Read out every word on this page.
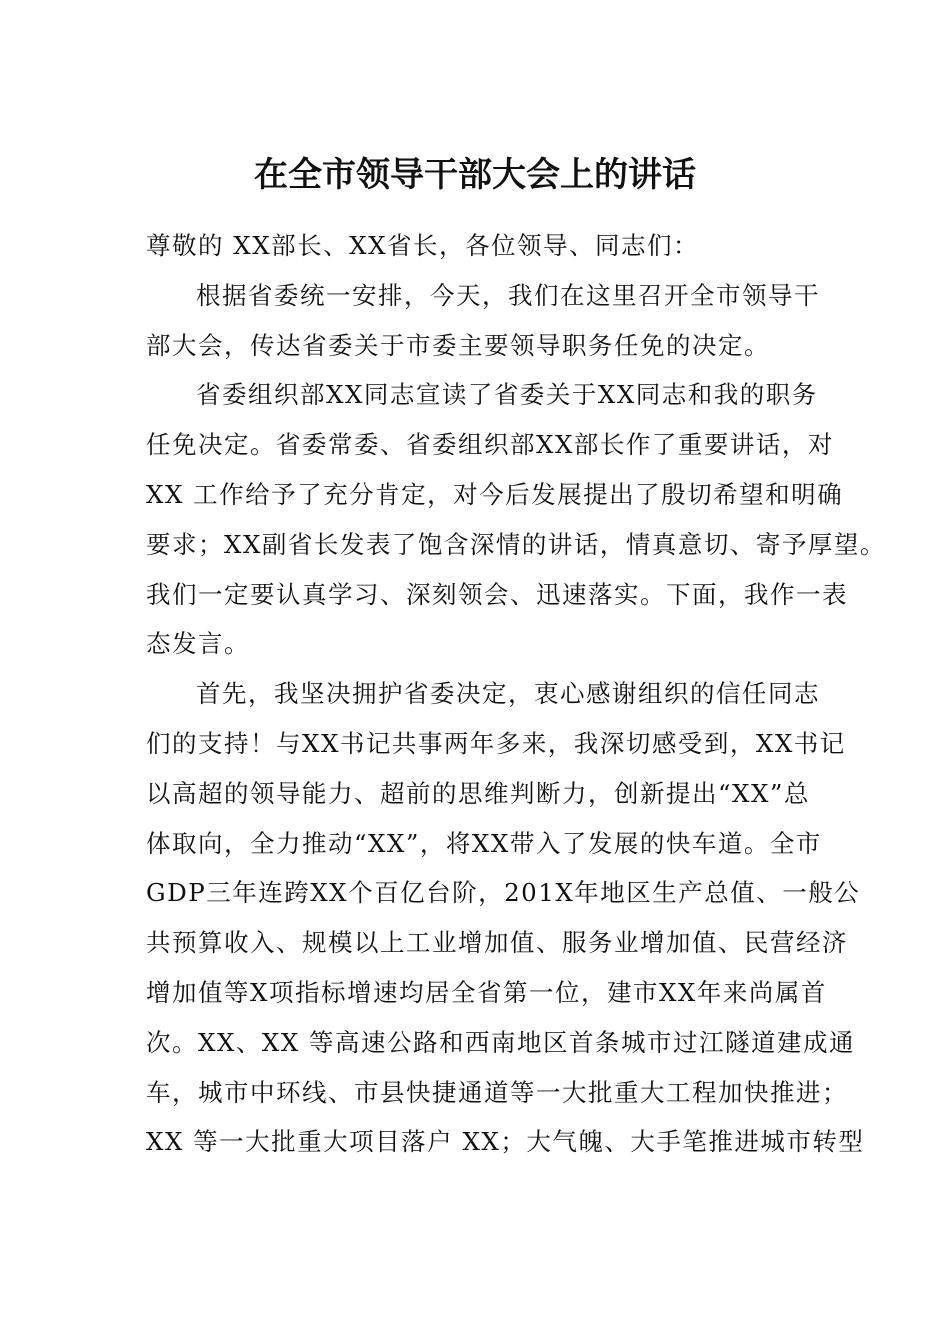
在全市领导干部大会上的讲话

尊敬的 XX部长、XX省长，各位领导、同志们：

根据省委统一安排，今天，我们在这里召开全市领导干
部大会，传达省委关于市委主要领导职务任免的决定。

省委组织部XX同志宣读了省委关于XX同志和我的职务
任免决定。省委常委、省委组织部XX部长作了重要讲话，对
XX 工作给予了充分肯定，对今后发展提出了殷切希望和明确
要求；XX副省长发表了饱含深情的讲话，情真意切、寄予厚望。
我们一定要认真学习、深刻领会、迅速落实。下面，我作一表
态发言。

首先，我坚决拥护省委决定，衷心感谢组织的信任同志
们的支持！与XX书记共事两年多来，我深切感受到，XX书记
以高超的领导能力、超前的思维判断力，创新提出“XX”总
体取向，全力推动“XX”，将XX带入了发展的快车道。全市
GDP三年连跨XX个百亿台阶，201X年地区生产总值、一般公
共预算收入、规模以上工业增加值、服务业增加值、民营经济
增加值等X项指标增速均居全省第一位，建市XX年来尚属首
次。XX、XX 等高速公路和西南地区首条城市过江隧道建成通
车，城市中环线、市县快捷通道等一大批重大工程加快推进；
XX 等一大批重大项目落户 XX；大气魄、大手笔推进城市转型
